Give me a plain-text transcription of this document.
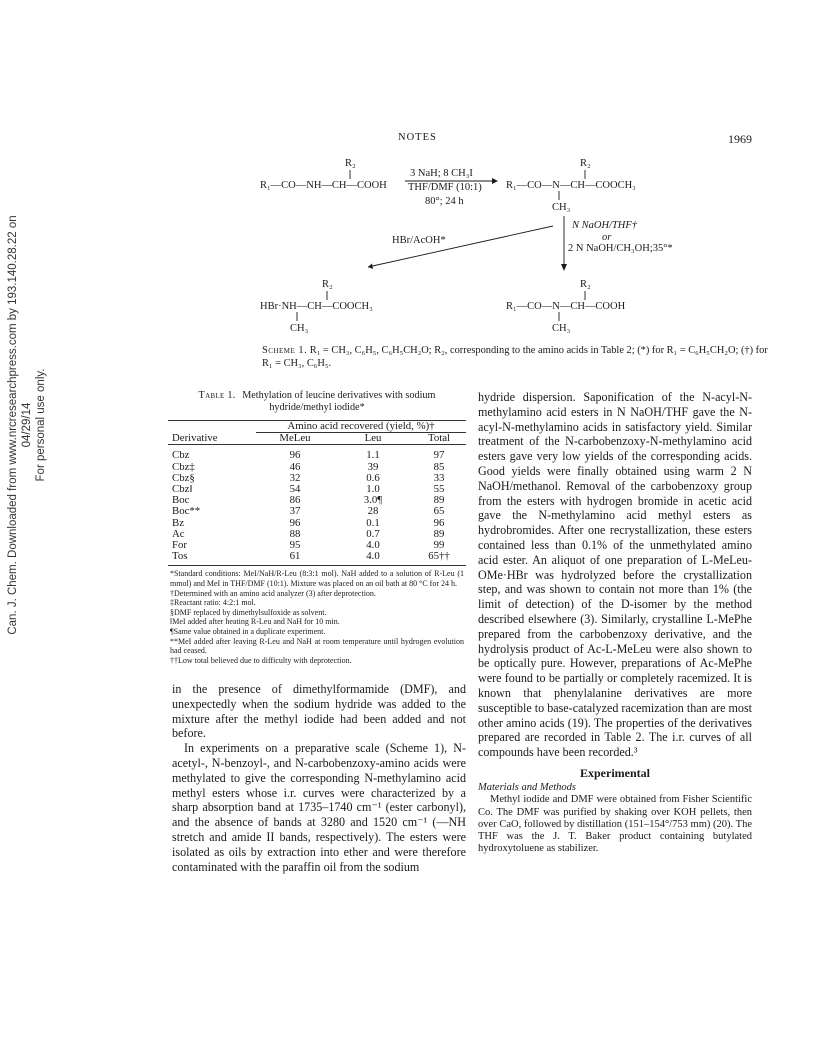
Can. J. Chem. Downloaded from www.nrcresearchpress.com by 193.140.28.22 on 04/29/14 For personal use only.
NOTES	1969
R₂
R₁—CO—NH—CH—COOH
3 NaH; 8 CH₃I
THF/DMF (10:1)
80°; 24 h
R₂
R₁—CO—N—CH—COOCH₃
CH₃
HBr/AcOH*
N NaOH/THF†
or
2 N NaOH/CH₃OH;35°*
R₂
HBr·NH—CH—COOCH₃
CH₃
R₂
R₁—CO—N—CH—COOH
CH₃
Scheme 1. R₁ = CH₃, C₆H₅, C₆H₅CH₂O; R₂, corresponding to the amino acids in Table 2; (*) for R₁ = C₆H₅CH₂O; (†) for R₁ = CH₃, C₆H₅.
Table 1. Methylation of leucine derivatives with sodium hydride/methyl iodide*
	Amino acid recovered (yield, %)†		
Derivative	MeLeu	Leu	Total

Cbz	96	1.1	97
Cbz‡	46	39	85
Cbz§	32	0.6	33
Cbz‖	54	1.0	55
Boc	86	3.0¶	89
Boc**	37	28	65
Bz	96	0.1	96
Ac	88	0.7	89
For	95	4.0	99
Tos	61	4.0	65††
*Standard conditions: MeI/NaH/R-Leu (8:3:1 mol). NaH added to a solution of R-Leu (1 mmol) and MeI in THF/DMF (10:1). Mixture was placed on an oil bath at 80 °C for 24 h.
†Determined with an amino acid analyzer (3) after deprotection.
‡Reactant ratio: 4:2:1 mol.
§DMF replaced by dimethylsulfoxide as solvent.
‖MeI added after heating R-Leu and NaH for 10 min.
¶Same value obtained in a duplicate experiment.
**MeI added after leaving R-Leu and NaH at room temperature until hydrogen evolution had ceased.
††Low total believed due to difficulty with deprotection.

in the presence of dimethylformamide (DMF), and unexpectedly when the sodium hydride was added to the mixture after the methyl iodide had been added and not before.

In experiments on a preparative scale (Scheme 1), N-acetyl-, N-benzoyl-, and N-carbobenzoxy-amino acids were methylated to give the corresponding N-methylamino acid methyl esters whose i.r. curves were characterized by a sharp absorption band at 1735–1740 cm⁻¹ (ester carbonyl), and the absence of bands at 3280 and 1520 cm⁻¹ (—NH stretch and amide II bands, respectively). The esters were isolated as oils by extraction into ether and were therefore contaminated with the paraffin oil from the sodium

hydride dispersion. Saponification of the N-acyl-N-methylamino acid esters in N NaOH/THF gave the N-acyl-N-methylamino acids in satisfactory yield. Similar treatment of the N-carbobenzoxy-N-methylamino acid esters gave very low yields of the corresponding acids. Good yields were finally obtained using warm 2 N NaOH/methanol. Removal of the carbobenzoxy group from the esters with hydrogen bromide in acetic acid gave the N-methylamino acid methyl esters as hydrobromides. After one recrystallization, these esters contained less than 0.1% of the unmethylated amino acid ester. An aliquot of one preparation of L-MeLeu-OMe·HBr was hydrolyzed before the crystallization step, and was shown to contain not more than 1% (the limit of detection) of the D-isomer by the method described elsewhere (3). Similarly, crystalline L-MePhe prepared from the carbobenzoxy derivative, and the hydrolysis product of Ac-L-MeLeu were also shown to be optically pure. However, preparations of Ac-MePhe were found to be partially or completely racemized. It is known that phenylalanine derivatives are more susceptible to base-catalyzed racemization than are most other amino acids (19). The properties of the derivatives prepared are recorded in Table 2. The i.r. curves of all compounds have been recorded.³

Experimental
Materials and Methods

Methyl iodide and DMF were obtained from Fisher Scientific Co. The DMF was purified by shaking over KOH pellets, then over CaO, followed by distillation (151–154°/753 mm) (20). The THF was the J. T. Baker product containing butylated hydroxytoluene as stabilizer.
